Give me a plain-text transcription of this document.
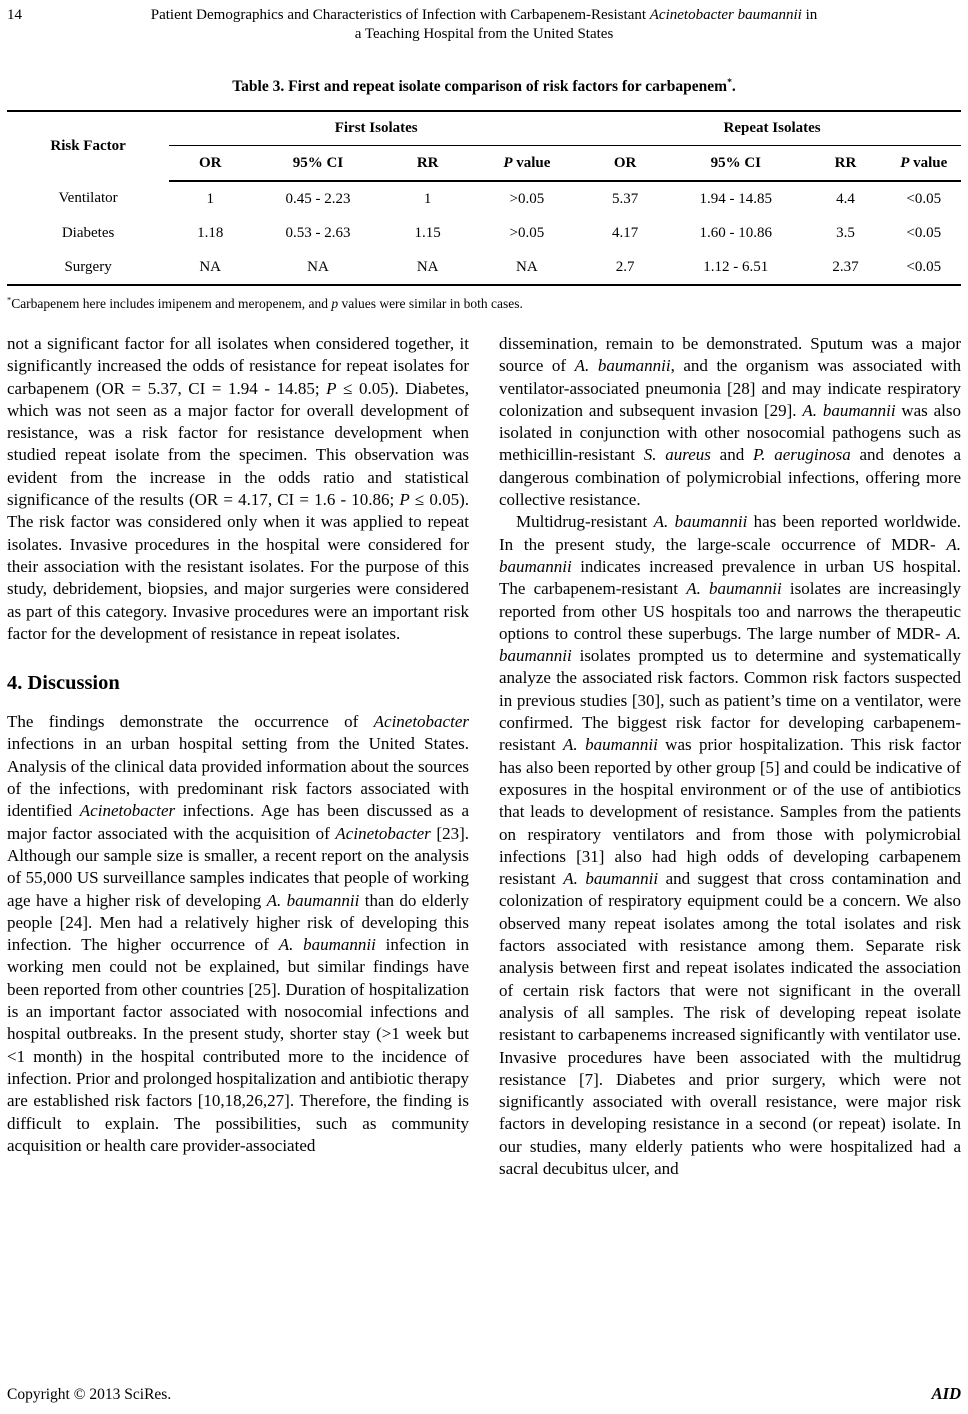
14	Patient Demographics and Characteristics of Infection with Carbapenem-Resistant Acinetobacter baumannii in
a Teaching Hospital from the United States
Table 3. First and repeat isolate comparison of risk factors for carbapenem*.
Risk Factor	First Isolates				Repeat Isolates			
	OR	95% CI	RR	P value	OR	95% CI	RR	P value
Ventilator	1	0.45 - 2.23	1	>0.05	5.37	1.94 - 14.85	4.4	<0.05
Diabetes	1.18	0.53 - 2.63	1.15	>0.05	4.17	1.60 - 10.86	3.5	<0.05
Surgery	NA	NA	NA	NA	2.7	1.12 - 6.51	2.37	<0.05
*Carbapenem here includes imipenem and meropenem, and p values were similar in both cases.

not a significant factor for all isolates when considered together, it significantly increased the odds of resistance for repeat isolates for carbapenem (OR = 5.37, CI = 1.94 - 14.85; P ≤ 0.05). Diabetes, which was not seen as a major factor for overall development of resistance, was a risk factor for resistance development when studied repeat isolate from the specimen. This observation was evident from the increase in the odds ratio and statistical significance of the results (OR = 4.17, CI = 1.6 - 10.86; P ≤ 0.05). The risk factor was considered only when it was applied to repeat isolates. Invasive procedures in the hospital were considered for their association with the resistant isolates. For the purpose of this study, debridement, biopsies, and major surgeries were considered as part of this category. Invasive procedures were an important risk factor for the development of resistance in repeat isolates.

4. Discussion

The findings demonstrate the occurrence of Acinetobacter infections in an urban hospital setting from the United States. Analysis of the clinical data provided information about the sources of the infections, with predominant risk factors associated with identified Acinetobacter infections. Age has been discussed as a major factor associated with the acquisition of Acinetobacter [23]. Although our sample size is smaller, a recent report on the analysis of 55,000 US surveillance samples indicates that people of working age have a higher risk of developing A. baumannii than do elderly people [24]. Men had a relatively higher risk of developing this infection. The higher occurrence of A. baumannii infection in working men could not be explained, but similar findings have been reported from other countries [25]. Duration of hospitalization is an important factor associated with nosocomial infections and hospital outbreaks. In the present study, shorter stay (>1 week but <1 month) in the hospital contributed more to the incidence of infection. Prior and prolonged hospitalization and antibiotic therapy are established risk factors [10,18,26,27]. Therefore, the finding is difficult to explain. The possibilities, such as community acquisition or health care provider-associated

dissemination, remain to be demonstrated. Sputum was a major source of A. baumannii, and the organism was associated with ventilator-associated pneumonia [28] and may indicate respiratory colonization and subsequent invasion [29]. A. baumannii was also isolated in conjunction with other nosocomial pathogens such as methicillin-resistant S. aureus and P. aeruginosa and denotes a dangerous combination of polymicrobial infections, offering more collective resistance.

Multidrug-resistant A. baumannii has been reported worldwide. In the present study, the large-scale occurrence of MDR- A. baumannii indicates increased prevalence in urban US hospital. The carbapenem-resistant A. baumannii isolates are increasingly reported from other US hospitals too and narrows the therapeutic options to control these superbugs. The large number of MDR- A. baumannii isolates prompted us to determine and systematically analyze the associated risk factors. Common risk factors suspected in previous studies [30], such as patient’s time on a ventilator, were confirmed. The biggest risk factor for developing carbapenem-resistant A. baumannii was prior hospitalization. This risk factor has also been reported by other group [5] and could be indicative of exposures in the hospital environment or of the use of antibiotics that leads to development of resistance. Samples from the patients on respiratory ventilators and from those with polymicrobial infections [31] also had high odds of developing carbapenem resistant A. baumannii and suggest that cross contamination and colonization of respiratory equipment could be a concern. We also observed many repeat isolates among the total isolates and risk factors associated with resistance among them. Separate risk analysis between first and repeat isolates indicated the association of certain risk factors that were not significant in the overall analysis of all samples. The risk of developing repeat isolate resistant to carbapenems increased significantly with ventilator use. Invasive procedures have been associated with the multidrug resistance [7]. Diabetes and prior surgery, which were not significantly associated with overall resistance, were major risk factors in developing resistance in a second (or repeat) isolate. In our studies, many elderly patients who were hospitalized had a sacral decubitus ulcer, and

Copyright © 2013 SciRes.	AID
